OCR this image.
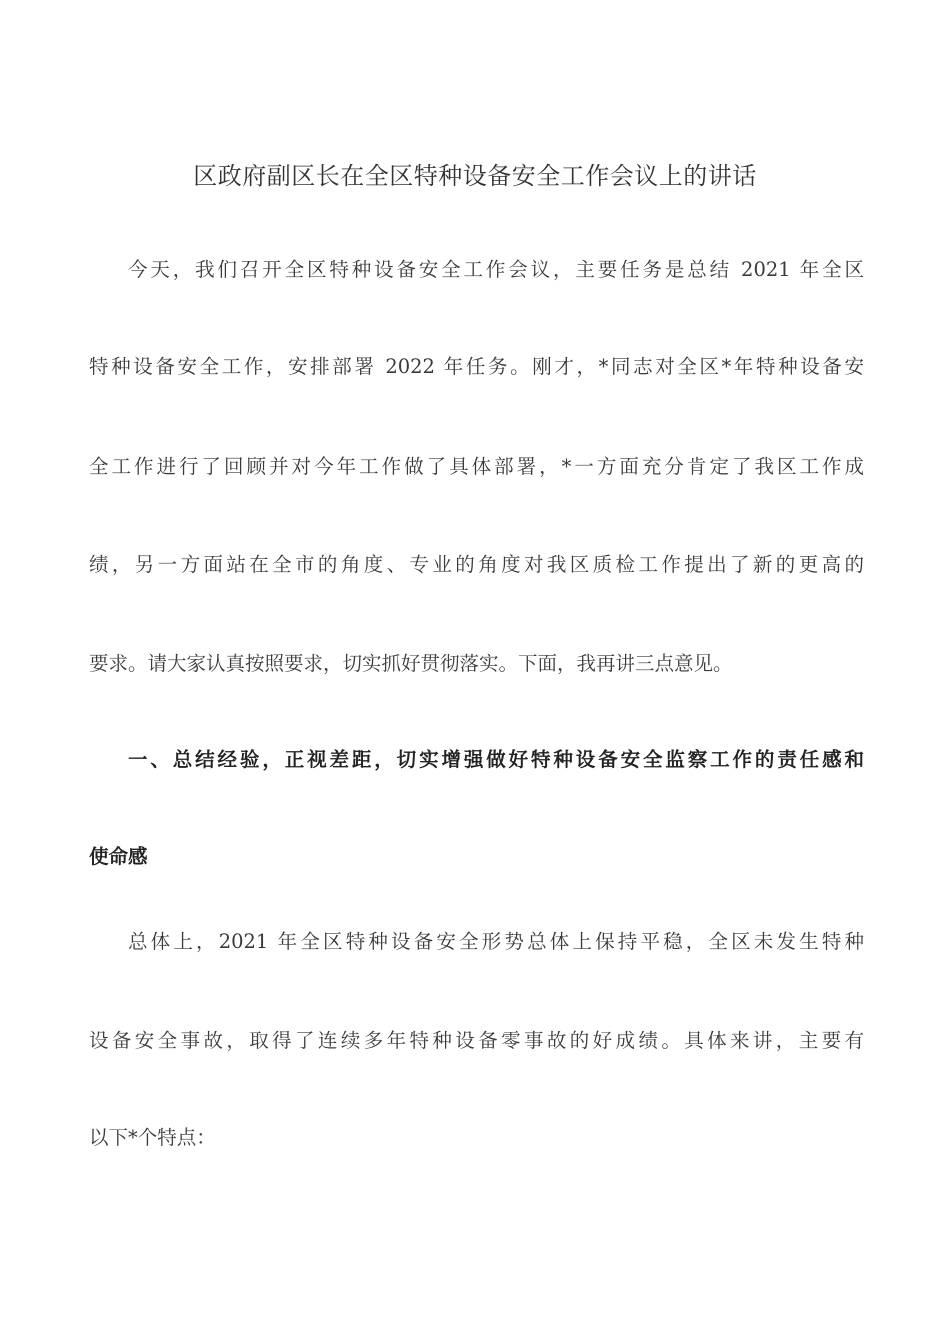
区政府副区长在全区特种设备安全工作会议上的讲话
今天，我们召开全区特种设备安全工作会议，主要任务是总结 2021 年全区
特种设备安全工作，安排部署 2022 年任务。刚才，*同志对全区*年特种设备安
全工作进行了回顾并对今年工作做了具体部署，*一方面充分肯定了我区工作成
绩，另一方面站在全市的角度、专业的角度对我区质检工作提出了新的更高的
要求。请大家认真按照要求，切实抓好贯彻落实。下面，我再讲三点意见。
一、总结经验，正视差距，切实增强做好特种设备安全监察工作的责任感和
使命感
总体上，2021 年全区特种设备安全形势总体上保持平稳，全区未发生特种
设备安全事故，取得了连续多年特种设备零事故的好成绩。具体来讲，主要有
以下*个特点：
